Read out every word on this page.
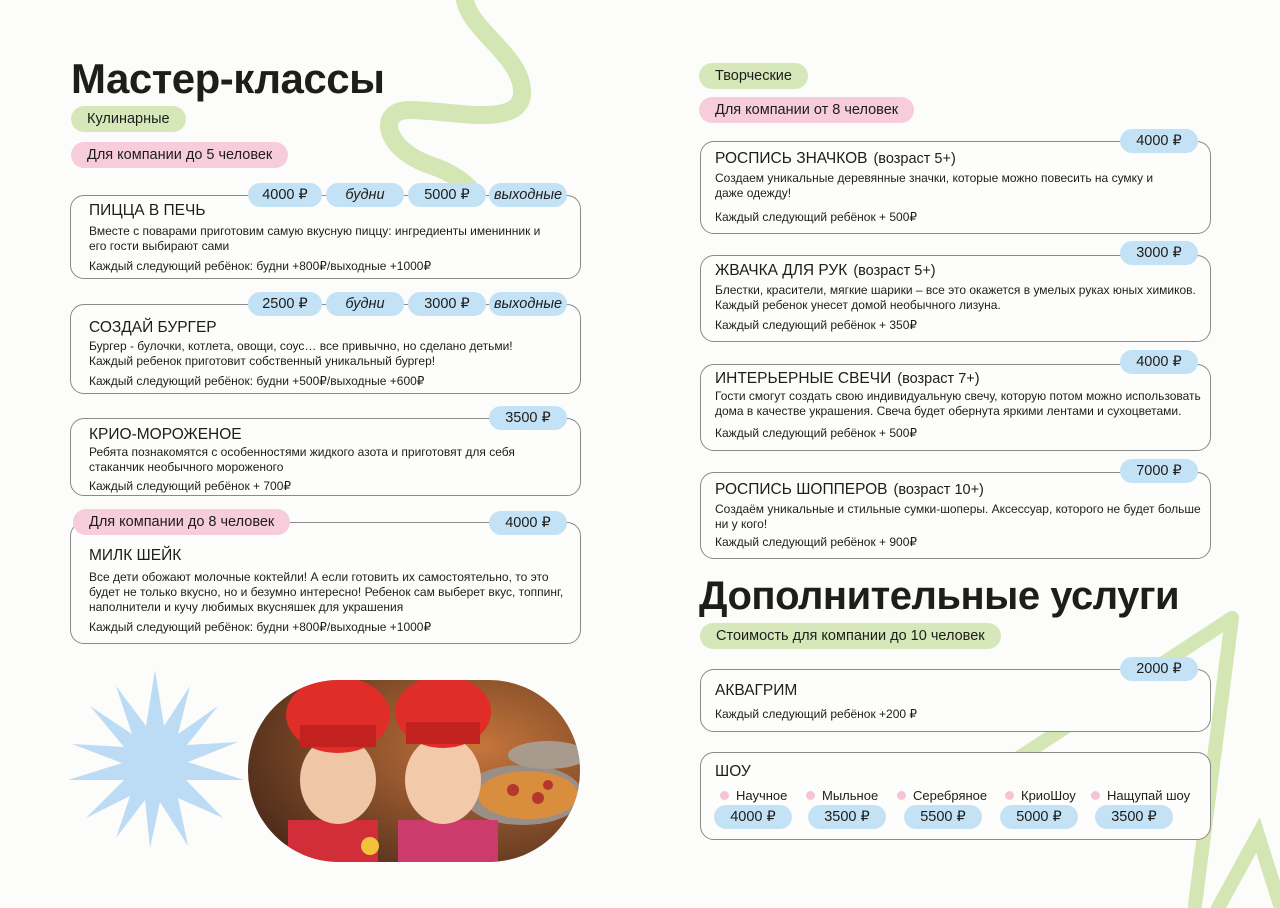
Мастер-классы
Кулинарные
Для компании до 5 человек
ПИЦЦА В ПЕЧЬ
Вместе с поварами приготовим самую вкусную пиццу: ингредиенты именинник и его гости выбирают сами
Каждый следующий ребёнок: будни +800₽/выходные +1000₽
4000 ₽	будни	5000 ₽	выходные
СОЗДАЙ БУРГЕР
Бургер - булочки, котлета, овощи, соус… все привычно, но сделано детьми! Каждый ребенок приготовит собственный уникальный бургер!
Каждый следующий ребёнок: будни +500₽/выходные +600₽
2500 ₽	будни	3000 ₽	выходные
КРИО-МОРОЖЕНОЕ
Ребята познакомятся с особенностями жидкого азота и приготовят для себя стаканчик необычного мороженого
Каждый следующий ребёнок + 700₽
3500 ₽
МИЛК ШЕЙК
Все дети обожают молочные коктейли! А если готовить их самостоятельно, то это будет не только вкусно, но и безумно интересно! Ребенок сам выберет вкус, топпинг, наполнители и кучу любимых вкусняшек для украшения
Каждый следующий ребёнок: будни +800₽/выходные +1000₽
Для компании до 8 человек	4000 ₽
Творческие
Для компании от 8 человек
РОСПИСЬ ЗНАЧКОВ (возраст 5+)
Создаем уникальные деревянные значки, которые можно повесить на сумку и даже одежду!
Каждый следующий ребёнок + 500₽
4000 ₽
ЖВАЧКА ДЛЯ РУК (возраст 5+)
Блестки, красители, мягкие шарики – все это окажется в умелых руках юных химиков. Каждый ребенок унесет домой необычного лизуна.
Каждый следующий ребёнок + 350₽
3000 ₽
ИНТЕРЬЕРНЫЕ СВЕЧИ (возраст 7+)
Гости смогут создать свою индивидуальную свечу, которую потом можно использовать дома в качестве украшения. Свеча будет обернута яркими лентами и сухоцветами.
Каждый следующий ребёнок + 500₽
4000 ₽
РОСПИСЬ ШОППЕРОВ (возраст 10+)
Создаём уникальные и стильные сумки-шоперы. Аксессуар, которого не будет больше ни у кого!
Каждый следующий ребёнок + 900₽
7000 ₽
Дополнительные услуги
Стоимость для компании до 10 человек
АКВАГРИМ
Каждый следующий ребёнок +200 ₽
2000 ₽
ШОУ
Научное	Мыльное	Серебряное	КриоШоу	Нащупай шоу
4000 ₽	3500 ₽	5500 ₽	5000 ₽	3500 ₽
